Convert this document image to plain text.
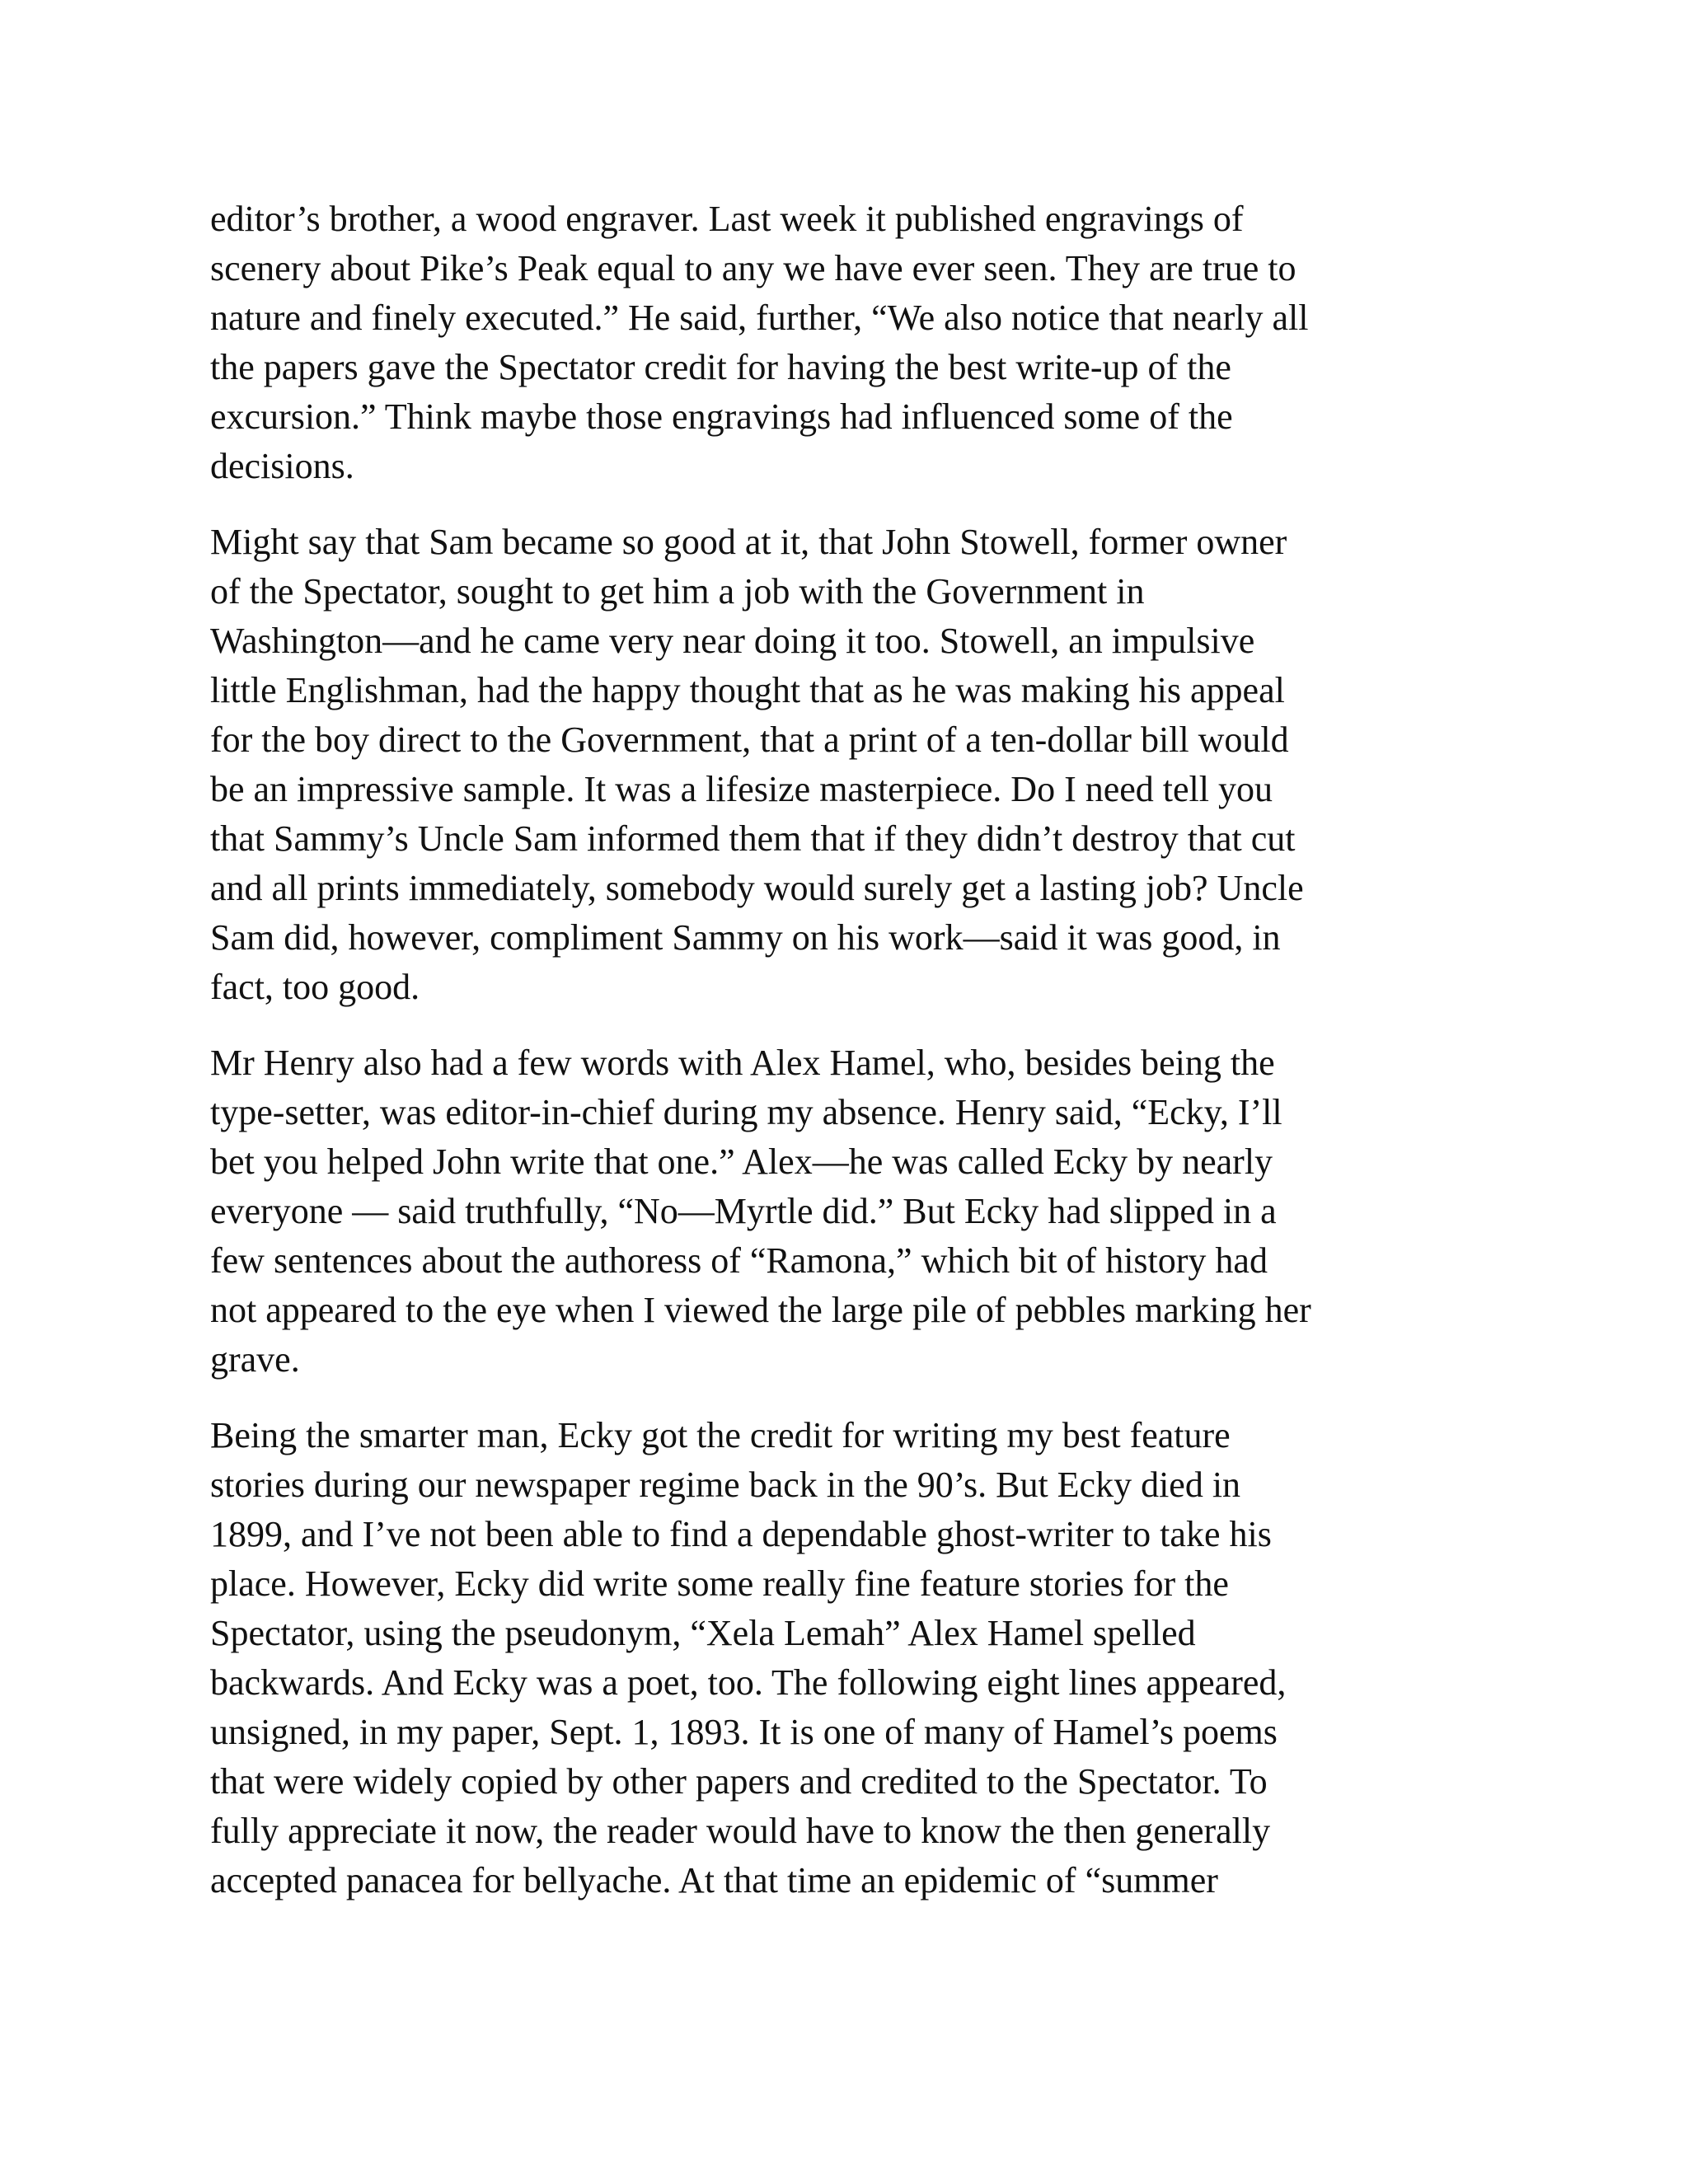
editor’s brother, a wood engraver. Last week it published engravings of
scenery about Pike’s Peak equal to any we have ever seen. They are true to
nature and finely executed.” He said, further, “We also notice that nearly all
the papers gave the Spectator credit for having the best write-up of the
excursion.” Think maybe those engravings had influenced some of the
decisions.

Might say that Sam became so good at it, that John Stowell, former owner
of the Spectator, sought to get him a job with the Government in
Washington—and he came very near doing it too. Stowell, an impulsive
little Englishman, had the happy thought that as he was making his appeal
for the boy direct to the Government, that a print of a ten-dollar bill would
be an impressive sample. It was a lifesize masterpiece. Do I need tell you
that Sammy’s Uncle Sam informed them that if they didn’t destroy that cut
and all prints immediately, somebody would surely get a lasting job? Uncle
Sam did, however, compliment Sammy on his work—said it was good, in
fact, too good.

Mr Henry also had a few words with Alex Hamel, who, besides being the
type-setter, was editor-in-chief during my absence. Henry said, “Ecky, I’ll
bet you helped John write that one.” Alex—he was called Ecky by nearly
everyone — said truthfully, “No—Myrtle did.” But Ecky had slipped in a
few sentences about the authoress of “Ramona,” which bit of history had
not appeared to the eye when I viewed the large pile of pebbles marking her
grave.

Being the smarter man, Ecky got the credit for writing my best feature
stories during our newspaper regime back in the 90’s. But Ecky died in
1899, and I’ve not been able to find a dependable ghost-writer to take his
place. However, Ecky did write some really fine feature stories for the
Spectator, using the pseudonym, “Xela Lemah” Alex Hamel spelled
backwards. And Ecky was a poet, too. The following eight lines appeared,
unsigned, in my paper, Sept. 1, 1893. It is one of many of Hamel’s poems
that were widely copied by other papers and credited to the Spectator. To
fully appreciate it now, the reader would have to know the then generally
accepted panacea for bellyache. At that time an epidemic of “summer
